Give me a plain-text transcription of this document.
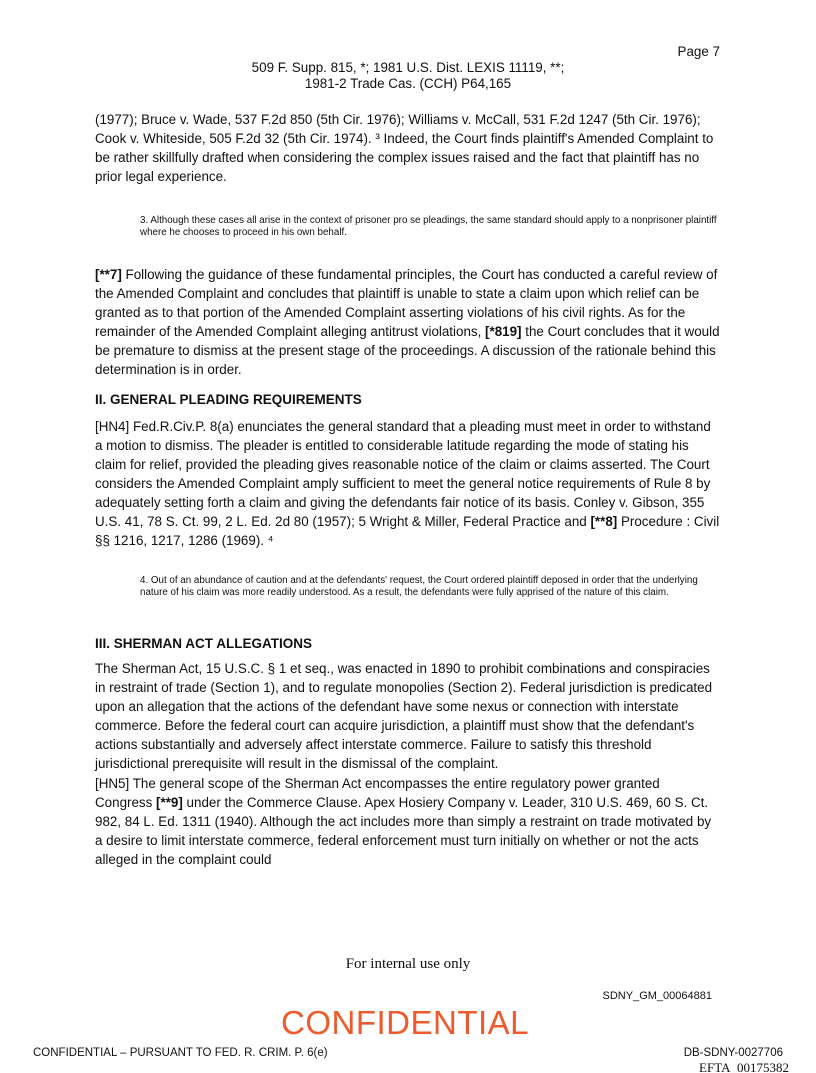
Page 7
509 F. Supp. 815, *; 1981 U.S. Dist. LEXIS 11119, **;
1981-2 Trade Cas. (CCH) P64,165

(1977); Bruce v. Wade, 537 F.2d 850 (5th Cir. 1976); Williams v. McCall, 531 F.2d 1247 (5th Cir. 1976); Cook v. Whiteside, 505 F.2d 32 (5th Cir. 1974). ³ Indeed, the Court finds plaintiff's Amended Complaint to be rather skillfully drafted when considering the complex issues raised and the fact that plaintiff has no prior legal experience.

3. Although these cases all arise in the context of prisoner pro se pleadings, the same standard should apply to a nonprisoner plaintiff where he chooses to proceed in his own behalf.

[**7] Following the guidance of these fundamental principles, the Court has conducted a careful review of the Amended Complaint and concludes that plaintiff is unable to state a claim upon which relief can be granted as to that portion of the Amended Complaint asserting violations of his civil rights. As for the remainder of the Amended Complaint alleging antitrust violations, [*819] the Court concludes that it would be premature to dismiss at the present stage of the proceedings. A discussion of the rationale behind this determination is in order.

II. GENERAL PLEADING REQUIREMENTS

[HN4] Fed.R.Civ.P. 8(a) enunciates the general standard that a pleading must meet in order to withstand a motion to dismiss. The pleader is entitled to considerable latitude regarding the mode of stating his claim for relief, provided the pleading gives reasonable notice of the claim or claims asserted. The Court considers the Amended Complaint amply sufficient to meet the general notice requirements of Rule 8 by adequately setting forth a claim and giving the defendants fair notice of its basis. Conley v. Gibson, 355 U.S. 41, 78 S. Ct. 99, 2 L. Ed. 2d 80 (1957); 5 Wright & Miller, Federal Practice and [**8] Procedure : Civil §§ 1216, 1217, 1286 (1969). ⁴

4. Out of an abundance of caution and at the defendants' request, the Court ordered plaintiff deposed in order that the underlying nature of his claim was more readily understood. As a result, the defendants were fully apprised of the nature of this claim.

III. SHERMAN ACT ALLEGATIONS

The Sherman Act, 15 U.S.C. § 1 et seq., was enacted in 1890 to prohibit combinations and conspiracies in restraint of trade (Section 1), and to regulate monopolies (Section 2). Federal jurisdiction is predicated upon an allegation that the actions of the defendant have some nexus or connection with interstate commerce. Before the federal court can acquire jurisdiction, a plaintiff must show that the defendant's actions substantially and adversely affect interstate commerce. Failure to satisfy this threshold jurisdictional prerequisite will result in the dismissal of the complaint.

[HN5] The general scope of the Sherman Act encompasses the entire regulatory power granted Congress [**9] under the Commerce Clause. Apex Hosiery Company v. Leader, 310 U.S. 469, 60 S. Ct. 982, 84 L. Ed. 1311 (1940). Although the act includes more than simply a restraint on trade motivated by a desire to limit interstate commerce, federal enforcement must turn initially on whether or not the acts alleged in the complaint could

For internal use only
SDNY_GM_00064881
CONFIDENTIAL
CONFIDENTIAL – PURSUANT TO FED. R. CRIM. P. 6(e)	DB-SDNY-0027706
EFTA_00175382
